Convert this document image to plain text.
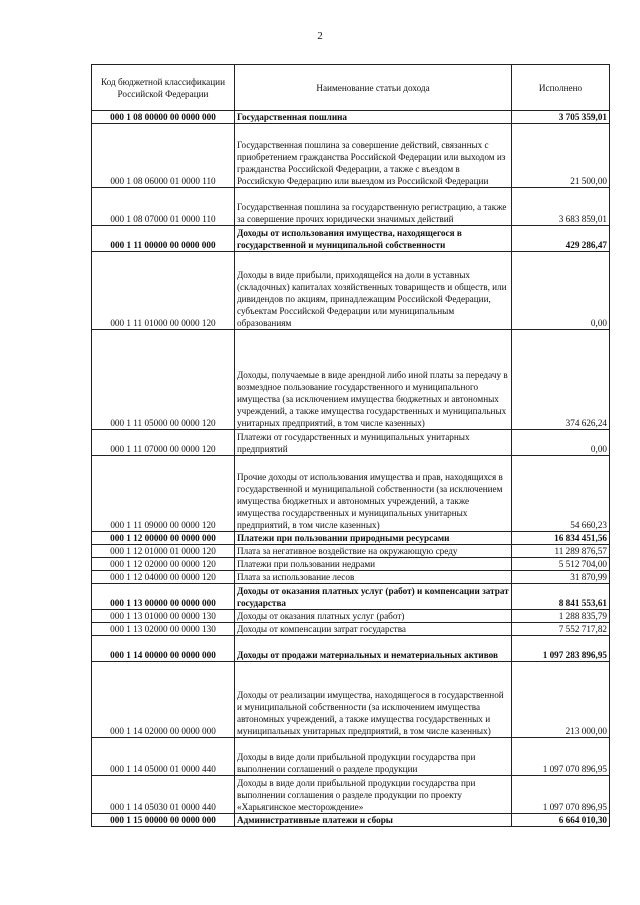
2
Код бюджетной классификации Российской Федерации	Наименование статьи дохода	Исполнено
000 1 08 00000 00 0000 000	Государственная пошлина	3 705 359,01
000 1 08 06000 01 0000 110	Государственная пошлина за совершение действий, связанных с приобретением гражданства Российской Федерации или выходом из гражданства Российской Федерации, а также с въездом в Российскую Федерацию или выездом из Российской Федерации	21 500,00
000 1 08 07000 01 0000 110	Государственная пошлина за государственную регистрацию, а также за совершение прочих юридически значимых действий	3 683 859,01
000 1 11 00000 00 0000 000	Доходы от использования имущества, находящегося в государственной и муниципальной собственности	429 286,47
000 1 11 01000 00 0000 120	Доходы в виде прибыли, приходящейся на доли в уставных (складочных) капиталах хозяйственных товариществ и обществ, или дивидендов по акциям, принадлежащим Российской Федерации, субъектам Российской Федерации или муниципальным образованиям	0,00
000 1 11 05000 00 0000 120	Доходы, получаемые в виде арендной либо иной платы за передачу в возмездное пользование государственного и муниципального имущества (за исключением имущества бюджетных и автономных учреждений, а также имущества государственных и муниципальных унитарных предприятий, в том числе казенных)	374 626,24
000 1 11 07000 00 0000 120	Платежи от государственных и муниципальных унитарных предприятий	0,00
000 1 11 09000 00 0000 120	Прочие доходы от использования имущества и прав, находящихся в государственной и муниципальной собственности (за исключением имущества бюджетных и автономных учреждений, а также имущества государственных и муниципальных унитарных предприятий, в том числе казенных)	54 660,23
000 1 12 00000 00 0000 000	Платежи при пользовании природными ресурсами	16 834 451,56
000 1 12 01000 01 0000 120	Плата за негативное воздействие на окружающую среду	11 289 876,57
000 1 12 02000 00 0000 120	Платежи при пользовании недрами	5 512 704,00
000 1 12 04000 00 0000 120	Плата за использование лесов	31 870,99
000 1 13 00000 00 0000 000	Доходы от оказания платных услуг (работ) и компенсации затрат государства	8 841 553,61
000 1 13 01000 00 0000 130	Доходы от оказания платных услуг (работ)	1 288 835,79
000 1 13 02000 00 0000 130	Доходы от компенсации затрат государства	7 552 717,82
000 1 14 00000 00 0000 000	Доходы от продажи материальных и нематериальных активов	1 097 283 896,95
000 1 14 02000 00 0000 000	Доходы от реализации имущества, находящегося в государственной и муниципальной собственности (за исключением имущества автономных учреждений, а также имущества государственных и муниципальных унитарных предприятий, в том числе казенных)	213 000,00
000 1 14 05000 01 0000 440	Доходы в виде доли прибыльной продукции государства при выполнении соглашений о разделе продукции	1 097 070 896,95
000 1 14 05030 01 0000 440	Доходы в виде доли прибыльной продукции государства при выполнении соглашения о разделе продукции по проекту «Харьягинское месторождение»	1 097 070 896,95
000 1 15 00000 00 0000 000	Административные платежи и сборы	6 664 010,30
